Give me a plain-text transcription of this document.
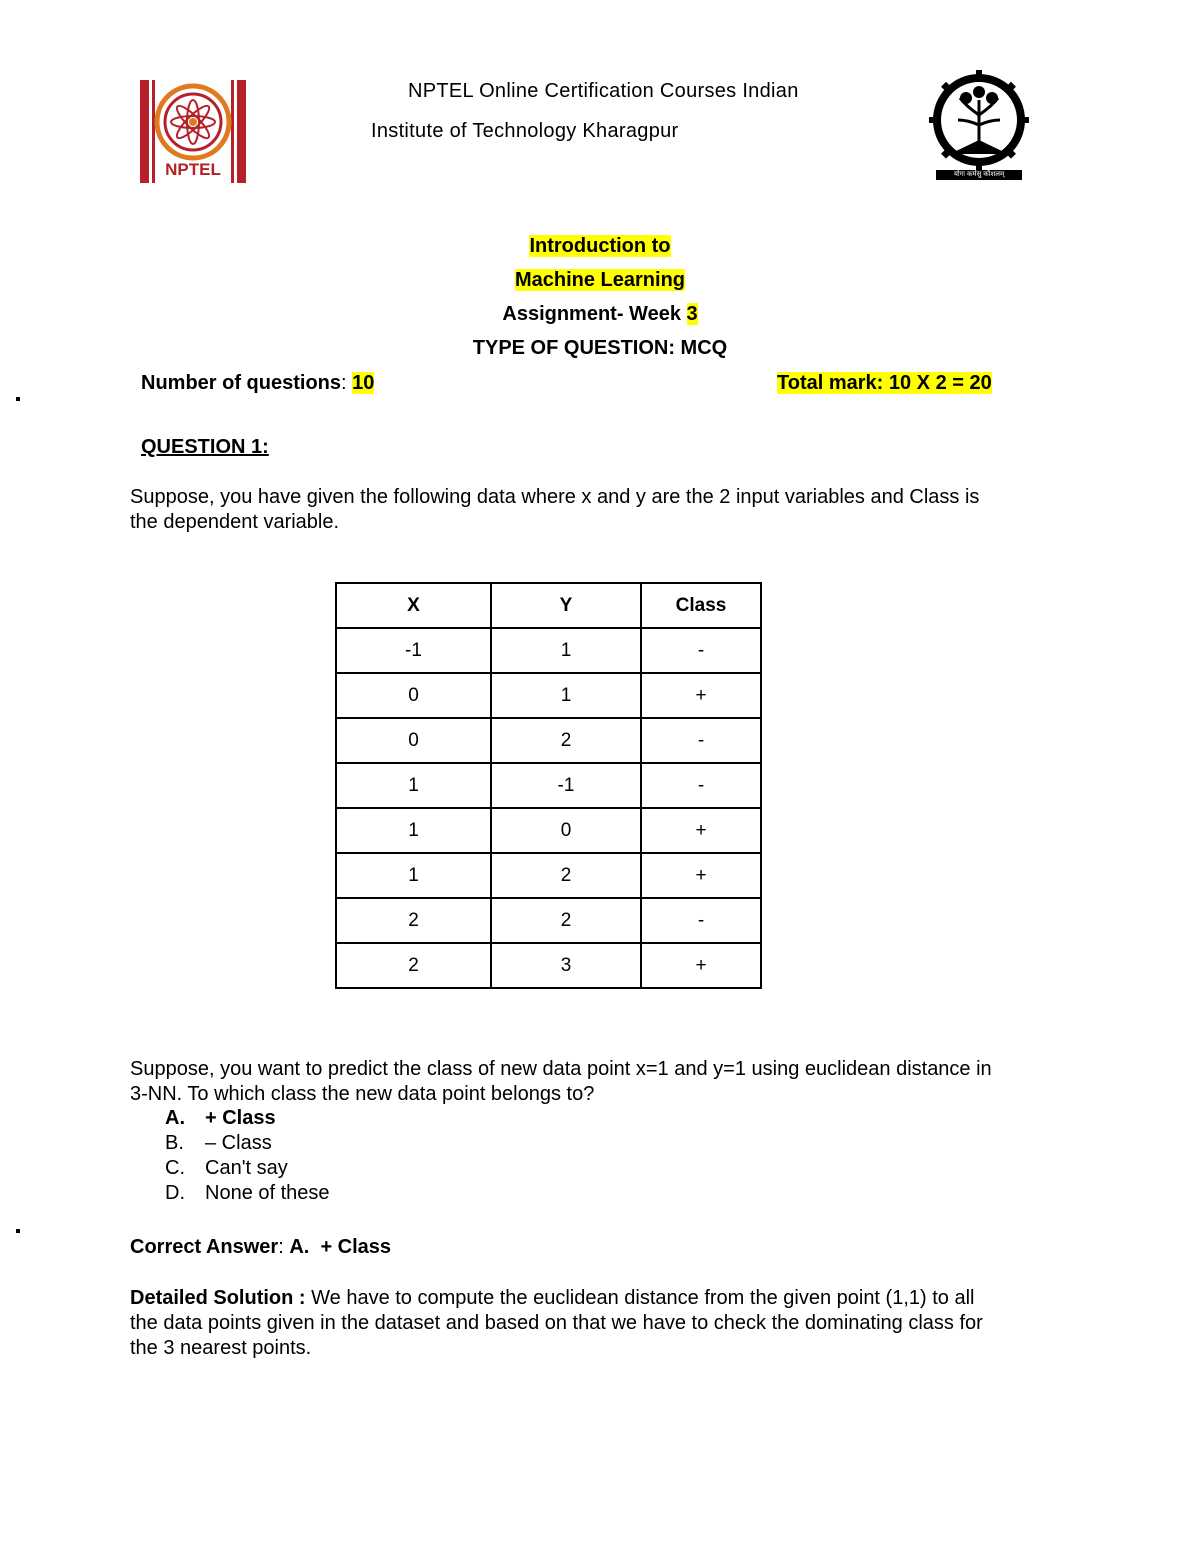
NPTEL	योगः कर्मसु कौशलम्
NPTEL Online Certification Courses Indian
Institute of Technology Kharagpur
Introduction to
Machine Learning
Assignment- Week 3
TYPE OF QUESTION: MCQ
Number of questions: 10	Total mark: 10 X 2 = 20
QUESTION 1:
Suppose, you have given the following data where x and y are the 2 input variables and Class is
the dependent variable.
X	Y	Class
-1	1	-
0	1	+
0	2	-
1	-1	-
1	0	+
1	2	+
2	2	-
2	3	+
Suppose, you want to predict the class of new data point x=1 and y=1 using euclidean distance in
3-NN. To which class the new data point belongs to?
A. + Class
B. – Class
C. Can't say
D. None of these
Correct Answer: A.  + Class
Detailed Solution : We have to compute the euclidean distance from the given point (1,1) to all
the data points given in the dataset and based on that we have to check the dominating class for
the 3 nearest points.
